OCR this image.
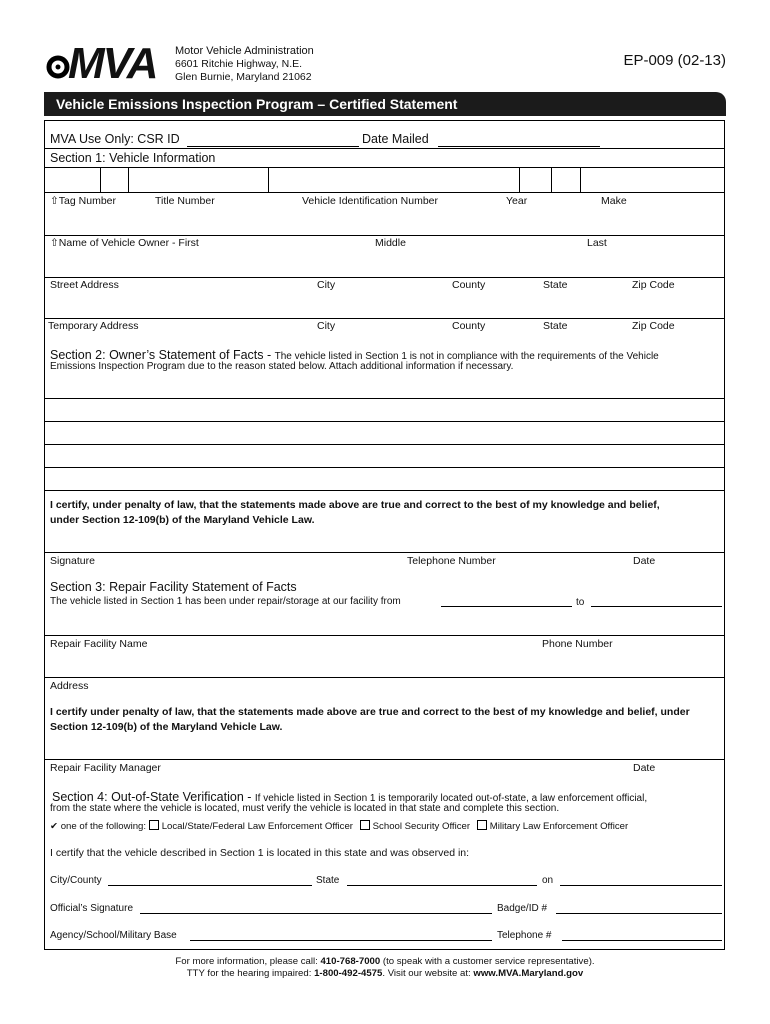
MVA Motor Vehicle Administration
6601 Ritchie Highway, N.E.
Glen Burnie, Maryland 21062
EP-009 (02-13)
Vehicle Emissions Inspection Program – Certified Statement
MVA Use Only: CSR ID	Date Mailed
Section 1: Vehicle Information
⇧Tag Number	Title Number	Vehicle Identification Number	Year	Make
⇧Name of Vehicle Owner - First	Middle	Last
Street Address	City	County	State	Zip Code
Temporary Address	City	County	State	Zip Code
Section 2: Owner’s Statement of Facts - The vehicle listed in Section 1 is not in compliance with the requirements of the Vehicle
Emissions Inspection Program due to the reason stated below. Attach additional information if necessary.
I certify, under penalty of law, that the statements made above are true and correct to the best of my knowledge and belief,
under Section 12-109(b) of the Maryland Vehicle Law.
Signature	Telephone Number	Date
Section 3: Repair Facility Statement of Facts
The vehicle listed in Section 1 has been under repair/storage at our facility from	to
Repair Facility Name	Phone Number
Address
I certify under penalty of law, that the statements made above are true and correct to the best of my knowledge and belief, under
Section 12-109(b) of the Maryland Vehicle Law.
Repair Facility Manager	Date
Section 4: Out-of-State Verification - If vehicle listed in Section 1 is temporarily located out-of-state, a law enforcement official,
from the state where the vehicle is located, must verify the vehicle is located in that state and complete this section.
✔ one of the following: Local/State/Federal Law Enforcement Officer School Security Officer Military Law Enforcement Officer
I certify that the vehicle described in Section 1 is located in this state and was observed in:
City/County	State	on
Official’s Signature	Badge/ID #
Agency/School/Military Base	Telephone #
For more information, please call: 410-768-7000 (to speak with a customer service representative).
TTY for the hearing impaired: 1-800-492-4575. Visit our website at: www.MVA.Maryland.gov
